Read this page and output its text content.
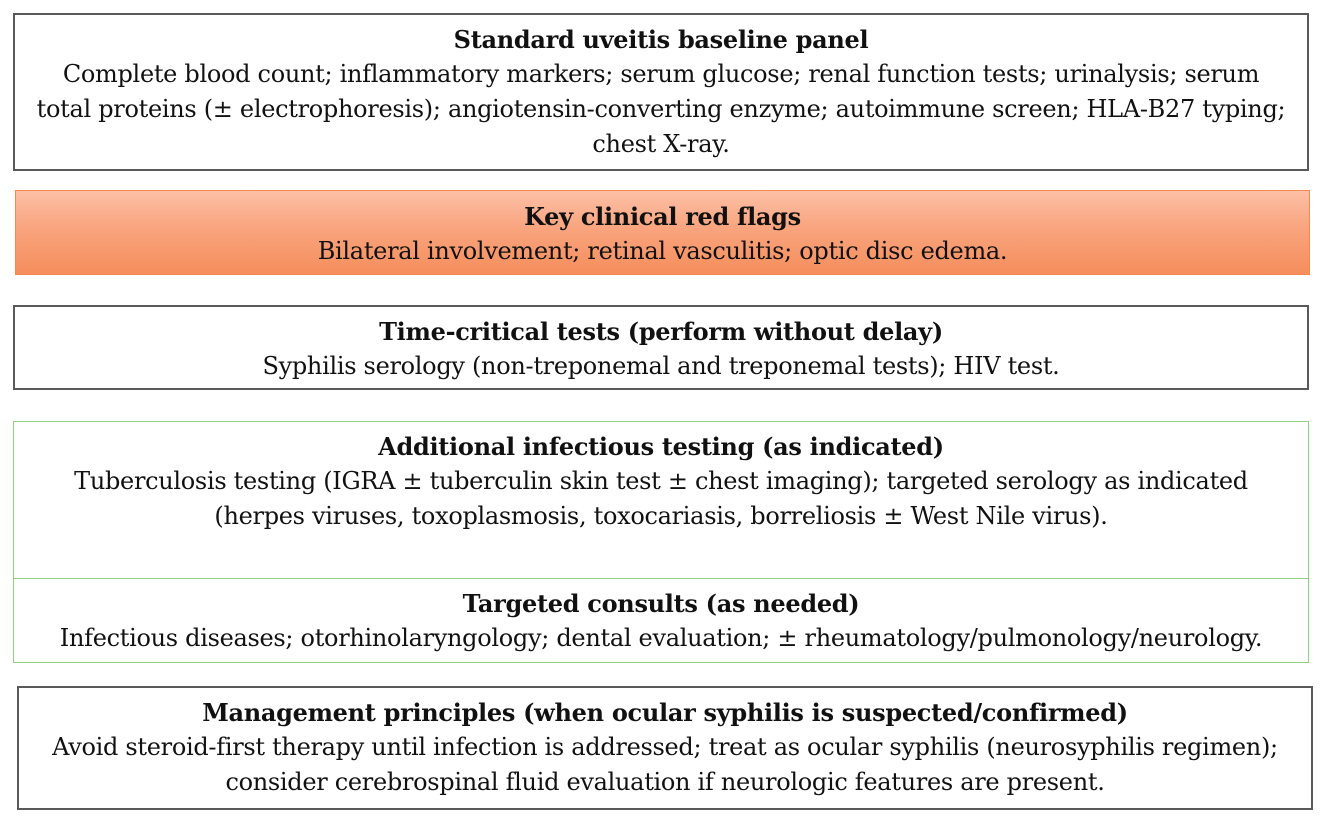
Standard uveitis baseline panel
Complete blood count; inflammatory markers; serum glucose; renal function tests; urinalysis; serum total proteins (± electrophoresis); angiotensin-converting enzyme; autoimmune screen; HLA-B27 typing; chest X-ray.
Key clinical red flags
Bilateral involvement; retinal vasculitis; optic disc edema.
Time-critical tests (perform without delay)
Syphilis serology (non-treponemal and treponemal tests); HIV test.
Additional infectious testing (as indicated)
Tuberculosis testing (IGRA ± tuberculin skin test ± chest imaging); targeted serology as indicated (herpes viruses, toxoplasmosis, toxocariasis, borreliosis ± West Nile virus).
Targeted consults (as needed)
Infectious diseases; otorhinolaryngology; dental evaluation; ± rheumatology/pulmonology/neurology.
Management principles (when ocular syphilis is suspected/confirmed)
Avoid steroid-first therapy until infection is addressed; treat as ocular syphilis (neurosyphilis regimen); consider cerebrospinal fluid evaluation if neurologic features are present.
